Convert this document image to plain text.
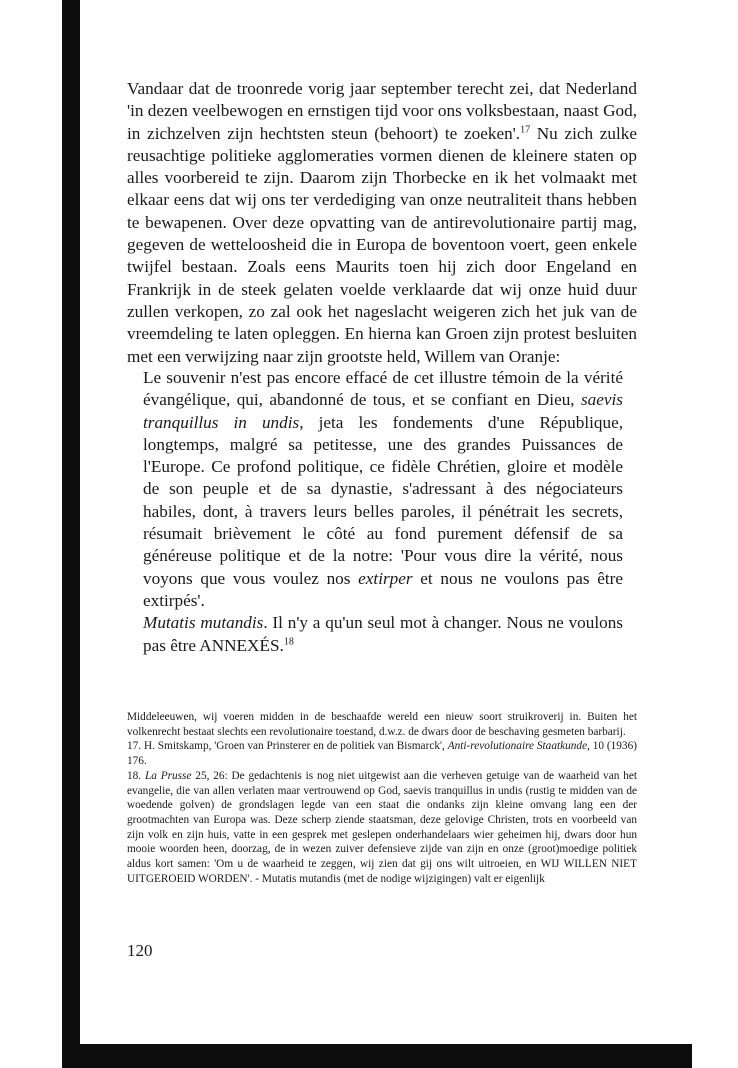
Vandaar dat de troonrede vorig jaar september terecht zei, dat Nederland 'in dezen veelbewogen en ernstigen tijd voor ons volksbestaan, naast God, in zichzelven zijn hechtsten steun (behoort) te zoeken'.$^{17}$ Nu zich zulke reusachtige politieke agglomeraties vormen dienen de kleinere staten op alles voorbereid te zijn. Daarom zijn Thorbecke en ik het volmaakt met elkaar eens dat wij ons ter verdediging van onze neutraliteit thans hebben te bewapenen. Over deze opvatting van de antirevolutionaire partij mag, gegeven de wetteloosheid die in Europa de boventoon voert, geen enkele twijfel bestaan. Zoals eens Maurits toen hij zich door Engeland en Frankrijk in de steek gelaten voelde verklaarde dat wij onze huid duur zullen verkopen, zo zal ook het nageslacht weigeren zich het juk van de vreemdeling te laten opleggen. En hierna kan Groen zijn protest besluiten met een verwijzing naar zijn grootste held, Willem van Oranje:

Le souvenir n'est pas encore effacé de cet illustre témoin de la vérité évangélique, qui, abandonné de tous, et se confiant en Dieu, saevis tranquillus in undis, jeta les fondements d'une République, longtemps, malgré sa petitesse, une des grandes Puissances de l'Europe. Ce profond politique, ce fidèle Chrétien, gloire et modèle de son peuple et de sa dynastie, s'adressant à des négociateurs habiles, dont, à travers leurs belles paroles, il pénétrait les secrets, résumait brièvement le côté au fond purement défensif de sa généreuse politique et de la notre: 'Pour vous dire la vérité, nous voyons que vous voulez nos extirper et nous ne voulons pas être extirpés'.

Mutatis mutandis. Il n'y a qu'un seul mot à changer. Nous ne voulons pas être ANNEXÉS.$^{18}$

Middeleeuwen, wij voeren midden in de beschaafde wereld een nieuw soort struikroverij in. Buiten het volkenrecht bestaat slechts een revolutionaire toestand, d.w.z. de dwars door de beschaving gesmeten barbarij.

17. H. Smitskamp, 'Groen van Prinsterer en de politiek van Bismarck', Anti-revolutionaire Staatkunde, 10 (1936) 176.

18. La Prusse 25, 26: De gedachtenis is nog niet uitgewist aan die verheven getuige van de waarheid van het evangelie, die van allen verlaten maar vertrouwend op God, saevis tranquillus in undis (rustig te midden van de woedende golven) de grondslagen legde van een staat die ondanks zijn kleine omvang lang een der grootmachten van Europa was. Deze scherp ziende staatsman, deze gelovige Christen, trots en voorbeeld van zijn volk en zijn huis, vatte in een gesprek met geslepen onderhandelaars wier geheimen hij, dwars door hun mooie woorden heen, doorzag, de in wezen zuiver defensieve zijde van zijn en onze (groot)moedige politiek aldus kort samen: 'Om u de waarheid te zeggen, wij zien dat gij ons wilt uitroeien, en WIJ WILLEN NIET UITGEROEID WORDEN'. - Mutatis mutandis (met de nodige wijzigingen) valt er eigenlijk

120
